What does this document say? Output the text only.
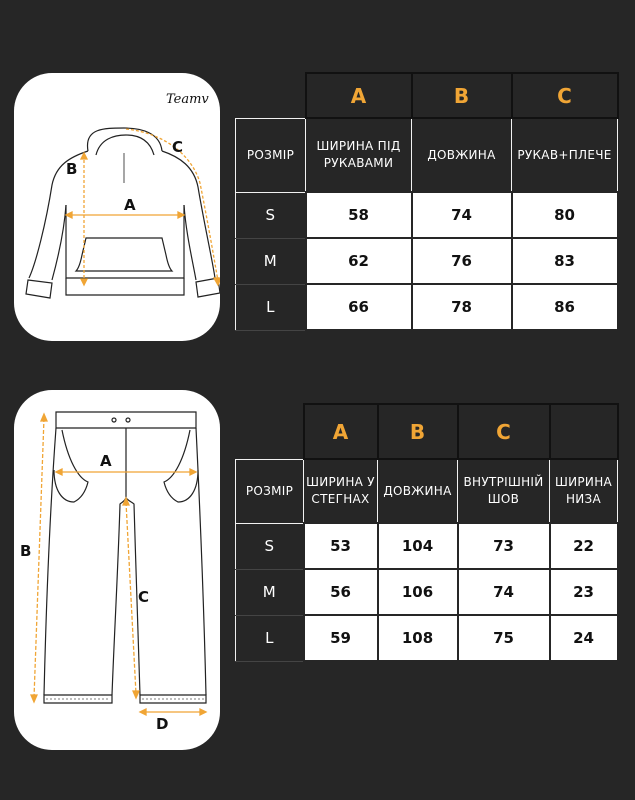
Teamv
A
B
C
	A	B	C
РОЗМІР	ШИРИНА ПІД РУКАВАМИ	ДОВЖИНА	РУКАВ+ПЛЕЧЕ
S	58	74	80
M	62	76	83
L	66	78	86
A
B
C
D
	A	B	C	
РОЗМІР	ШИРИНА У СТЕГНАХ	ДОВЖИНА	ВНУТРІШНІЙ ШОВ	ШИРИНА НИЗА
S	53	104	73	22
M	56	106	74	23
L	59	108	75	24
